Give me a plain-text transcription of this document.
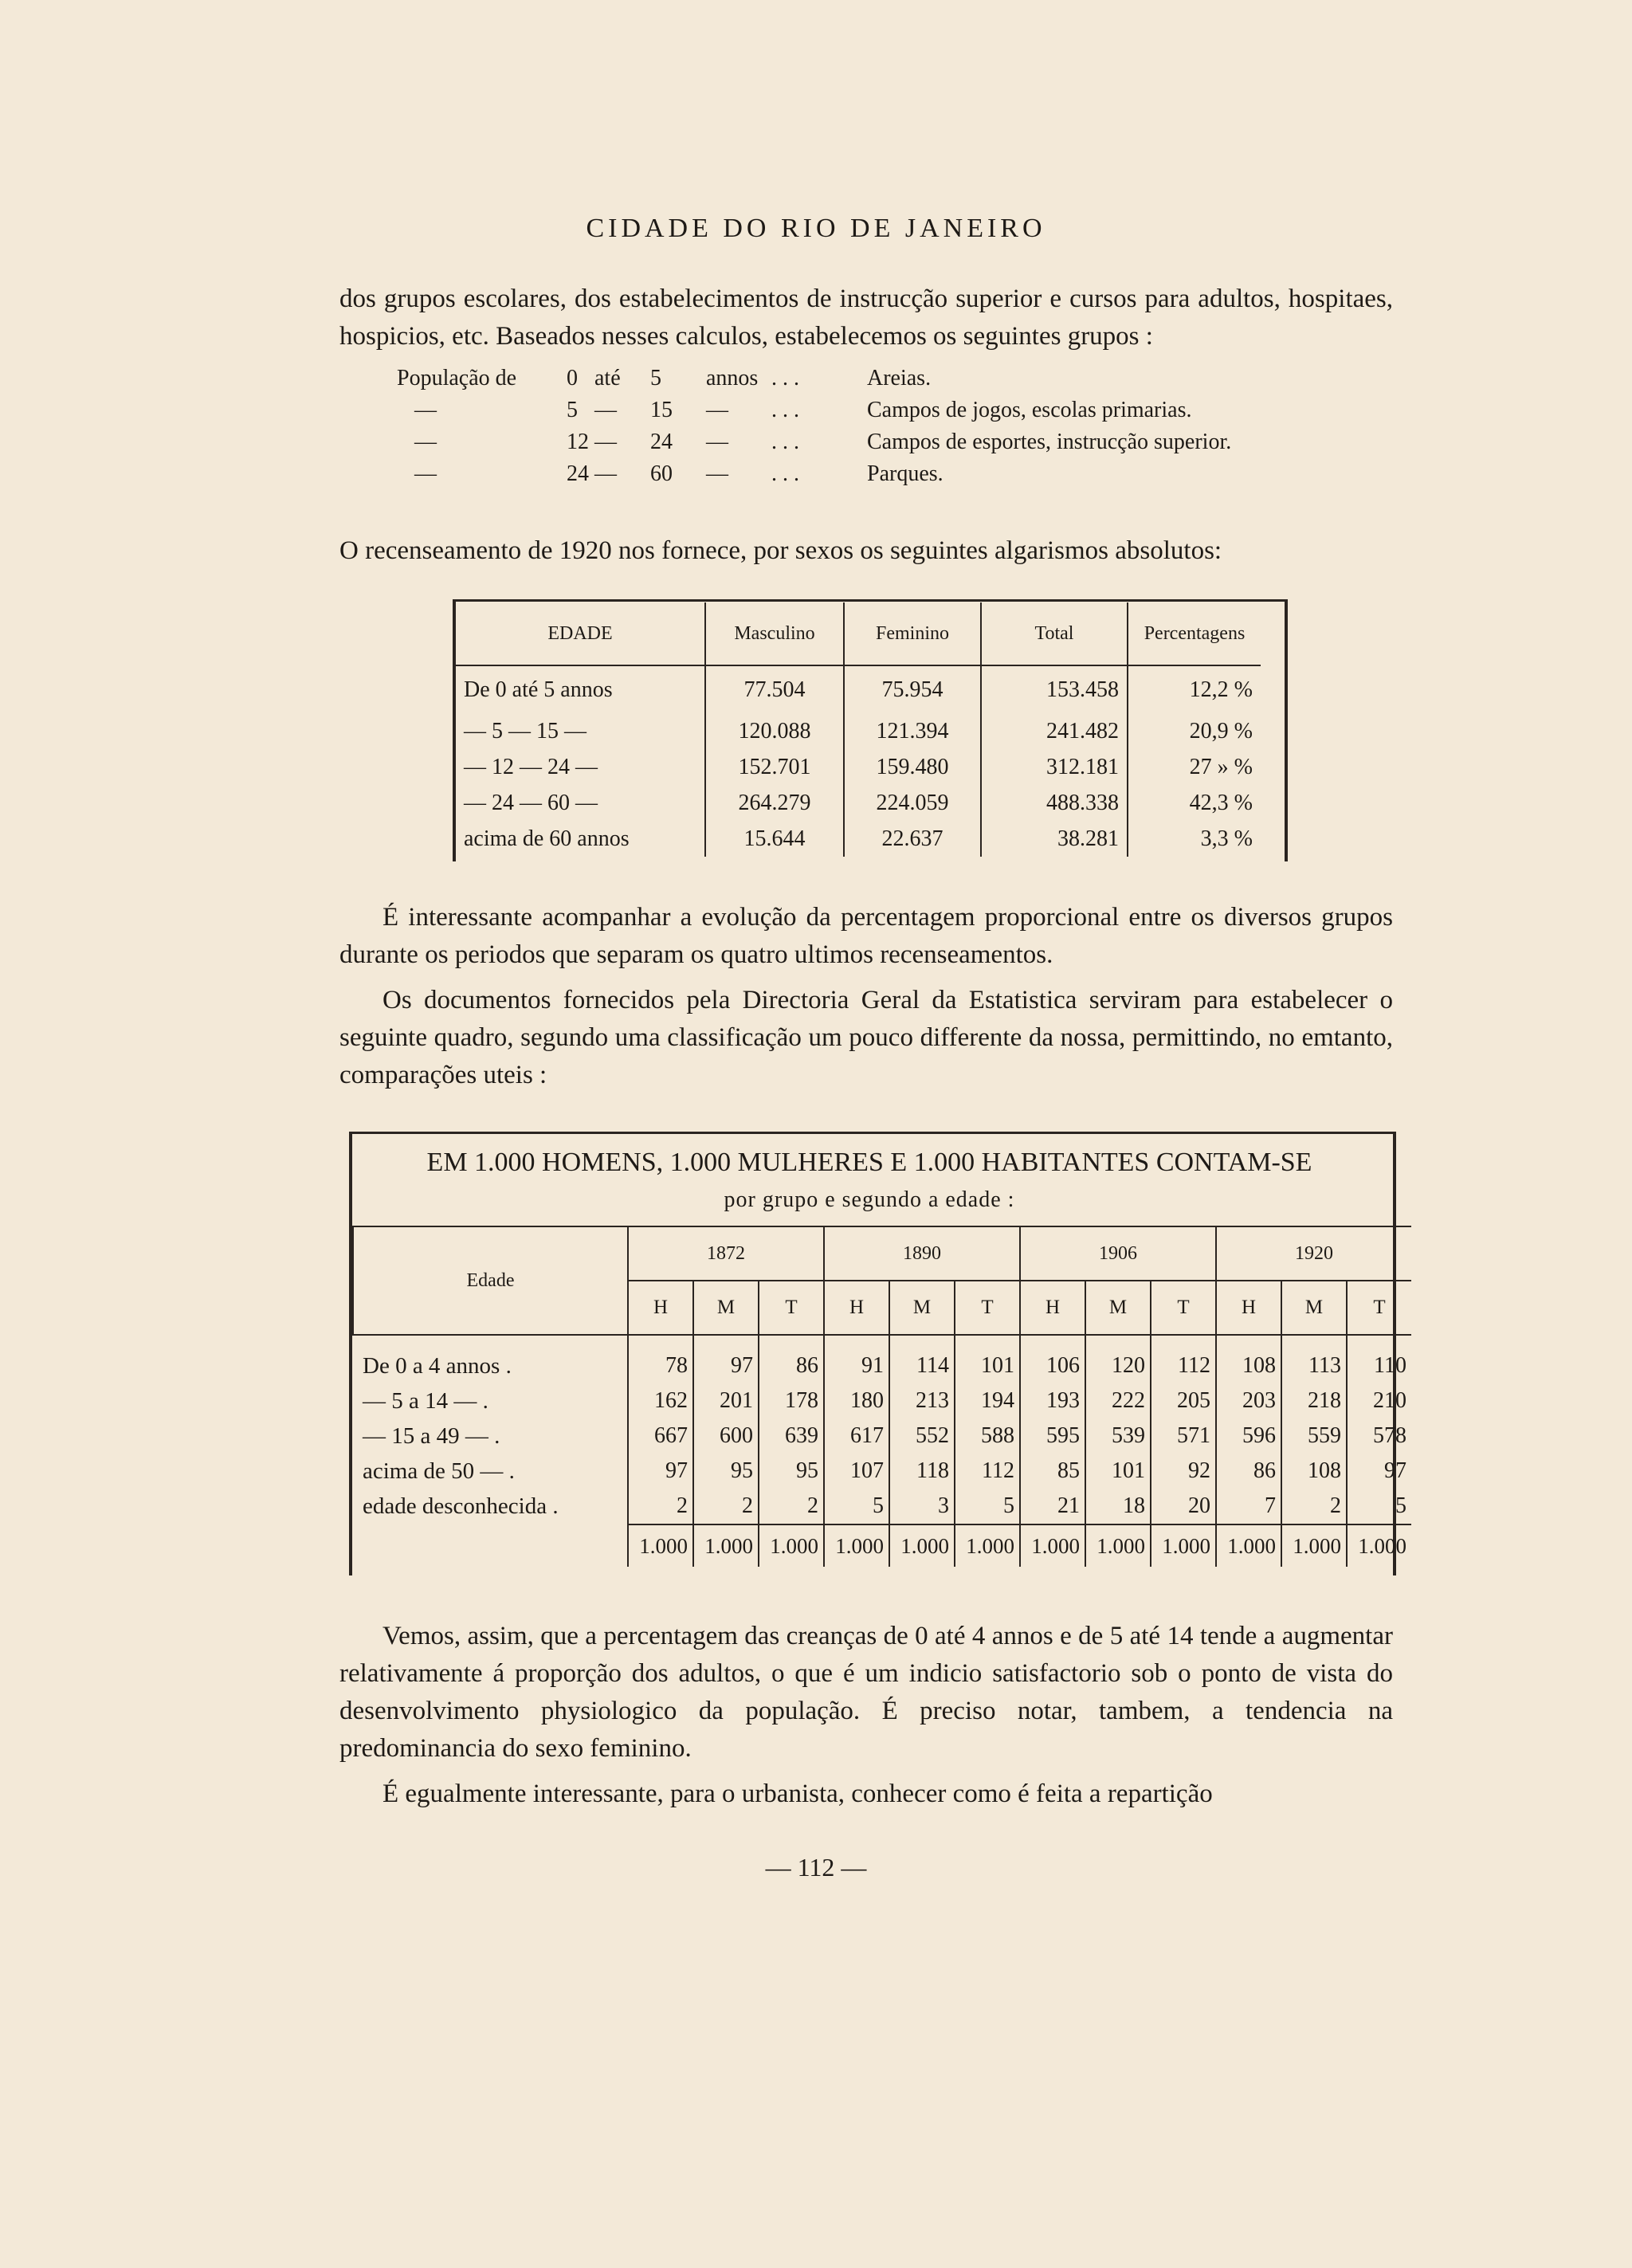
CIDADE DO RIO DE JANEIRO
dos grupos escolares, dos estabelecimentos de instrucção superior e cursos para adultos, hospitaes, hospicios, etc. Baseados nesses calculos, estabelecemos os seguintes grupos :
População de 0 até 5 annos . . .	Areias.
—	5 — 15 — . . .	Campos de jogos, escolas primarias.
—	12 — 24 — . . .	Campos de esportes, instrucção superior.
—	24 — 60 — . . .	Parques.
O recenseamento de 1920 nos fornece, por sexos os seguintes algarismos absolutos:
EDADE	Masculino	Feminino	Total	Percentagens
De 0 até 5 annos	77.504	75.954	153.458	12,2 %
— 5 — 15 —	120.088	121.394	241.482	20,9 %
— 12 — 24 —	152.701	159.480	312.181	27 » %
— 24 — 60 —	264.279	224.059	488.338	42,3 %
acima de 60 annos	15.644	22.637	38.281	3,3 %
É interessante acompanhar a evolução da percentagem proporcional entre os diversos grupos durante os periodos que separam os quatro ultimos recenseamentos.
Os documentos fornecidos pela Directoria Geral da Estatistica serviram para estabelecer o seguinte quadro, segundo uma classificação um pouco differente da nossa, permittindo, no emtanto, comparações uteis :
EM 1.000 HOMENS, 1.000 MULHERES E 1.000 HABITANTES CONTAM-SE
por grupo e segundo a edade :
Edade	1872			1890			1906			1920		
	H	M	T	H	M	T	H	M	T	H	M	T
De 0 a 4 annos .	78	97	86	91	114	101	106	120	112	108	113	110
— 5 a 14 — .	162	201	178	180	213	194	193	222	205	203	218	210
— 15 a 49 — .	667	600	639	617	552	588	595	539	571	596	559	578
acima de 50 — .	97	95	95	107	118	112	85	101	92	86	108	97
edade desconhecida .	2	2	2	5	3	5	21	18	20	7	2	5
	1.000	1.000	1.000	1.000	1.000	1.000	1.000	1.000	1.000	1.000	1.000	1.000
Vemos, assim, que a percentagem das creanças de 0 até 4 annos e de 5 até 14 tende a augmentar relativamente á proporção dos adultos, o que é um indicio satisfactorio sob o ponto de vista do desenvolvimento physiologico da população. É preciso notar, tambem, a tendencia na predominancia do sexo feminino.
É egualmente interessante, para o urbanista, conhecer como é feita a repartição
— 112 —
